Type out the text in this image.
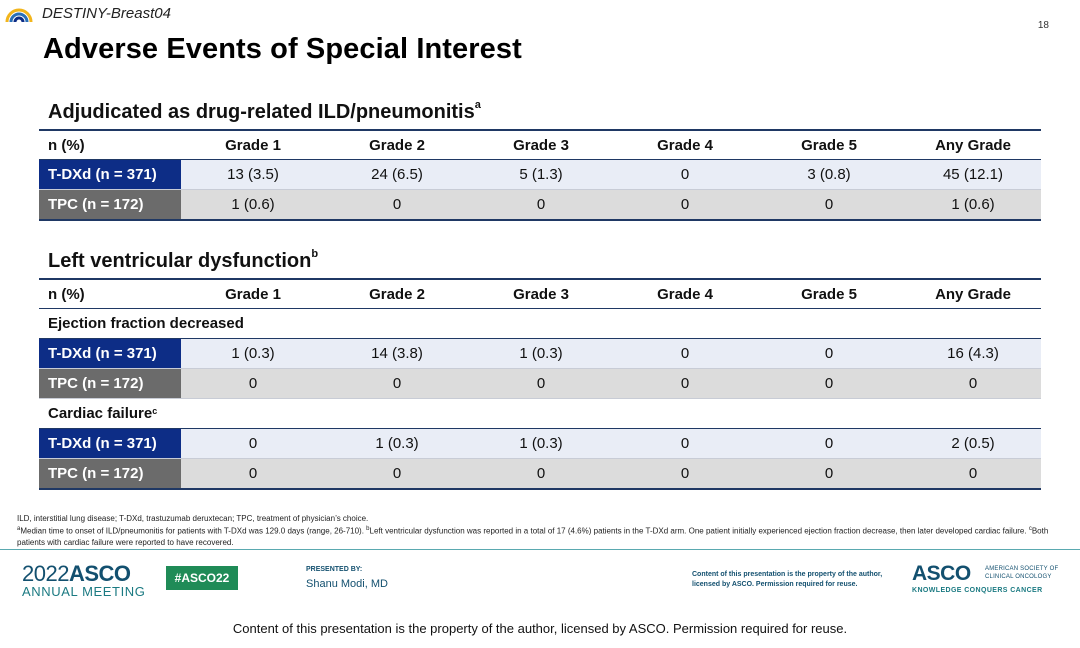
DESTINY-Breast04
18
Adverse Events of Special Interest
Adjudicated as drug-related ILD/pneumonitis$^a$
n (%)	Grade 1	Grade 2	Grade 3	Grade 4	Grade 5	Any Grade
T-DXd (n = 371)	13 (3.5)	24 (6.5)	5 (1.3)	0	3 (0.8)	45 (12.1)
TPC (n = 172)	1 (0.6)	0	0	0	0	1 (0.6)
Left ventricular dysfunction$^b$
n (%)	Grade 1	Grade 2	Grade 3	Grade 4	Grade 5	Any Grade
Ejection fraction decreased
T-DXd (n = 371)	1 (0.3)	14 (3.8)	1 (0.3)	0	0	16 (4.3)
TPC (n = 172)	0	0	0	0	0	0
Cardiac failure$^c$
T-DXd (n = 371)	0	1 (0.3)	1 (0.3)	0	0	2 (0.5)
TPC (n = 172)	0	0	0	0	0	0
ILD, interstitial lung disease; T-DXd, trastuzumab deruxtecan; TPC, treatment of physician’s choice.
$^a$Median time to onset of ILD/pneumonitis for patients with T-DXd was 129.0 days (range, 26-710). $^b$Left ventricular dysfunction was reported in a total of 17 (4.6%) patients in the T-DXd arm. One patient initially experienced ejection fraction decrease, then later developed cardiac failure. $^c$Both patients with cardiac failure were reported to have recovered.
2022ASCO
ANNUAL MEETING
#ASCO22
PRESENTED BY:
Shanu Modi, MD
Content of this presentation is the property of the author, licensed by ASCO. Permission required for reuse.	ASCO	AMERICAN SOCIETY OF CLINICAL ONCOLOGY
KNOWLEDGE CONQUERS CANCER
Content of this presentation is the property of the author, licensed by ASCO. Permission required for reuse.
